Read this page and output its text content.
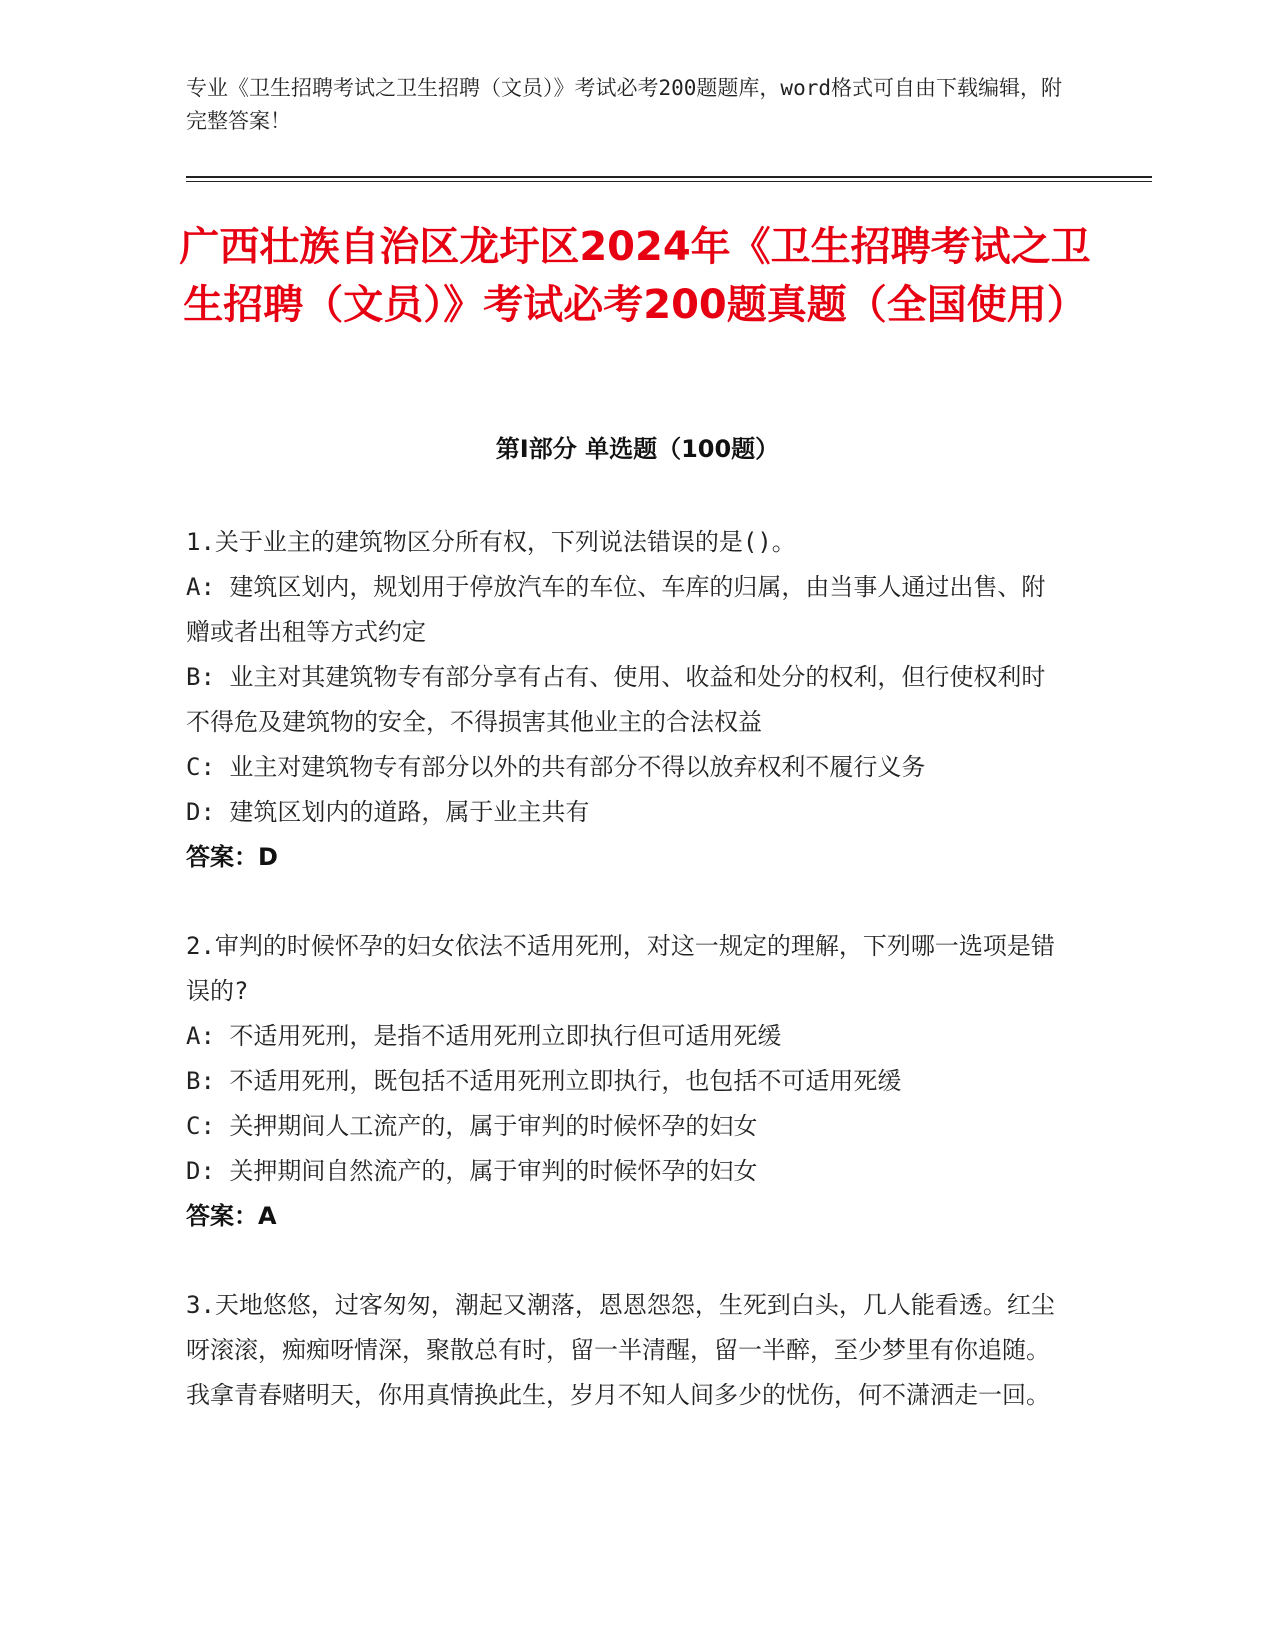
专业《卫生招聘考试之卫生招聘（文员）》考试必考200题题库，word格式可自由下载编辑，附完整答案！
广西壮族自治区龙圩区2024年《卫生招聘考试之卫生招聘（文员）》考试必考200题真题（全国使用）
第I部分 单选题（100题）

1.关于业主的建筑物区分所有权，下列说法错误的是()。

A: 建筑区划内，规划用于停放汽车的车位、车库的归属，由当事人通过出售、附赠或者出租等方式约定

B: 业主对其建筑物专有部分享有占有、使用、收益和处分的权利，但行使权利时不得危及建筑物的安全，不得损害其他业主的合法权益

C: 业主对建筑物专有部分以外的共有部分不得以放弃权利不履行义务

D: 建筑区划内的道路，属于业主共有

答案：D

2.审判的时候怀孕的妇女依法不适用死刑，对这一规定的理解，下列哪一选项是错误的?

A: 不适用死刑，是指不适用死刑立即执行但可适用死缓

B: 不适用死刑，既包括不适用死刑立即执行，也包括不可适用死缓

C: 关押期间人工流产的，属于审判的时候怀孕的妇女

D: 关押期间自然流产的，属于审判的时候怀孕的妇女

答案：A

3.天地悠悠，过客匆匆，潮起又潮落，恩恩怨怨，生死到白头，几人能看透。红尘呀滚滚，痴痴呀情深，聚散总有时，留一半清醒，留一半醉，至少梦里有你追随。我拿青春赌明天，你用真情换此生，岁月不知人间多少的忧伤，何不潇洒走一回。
